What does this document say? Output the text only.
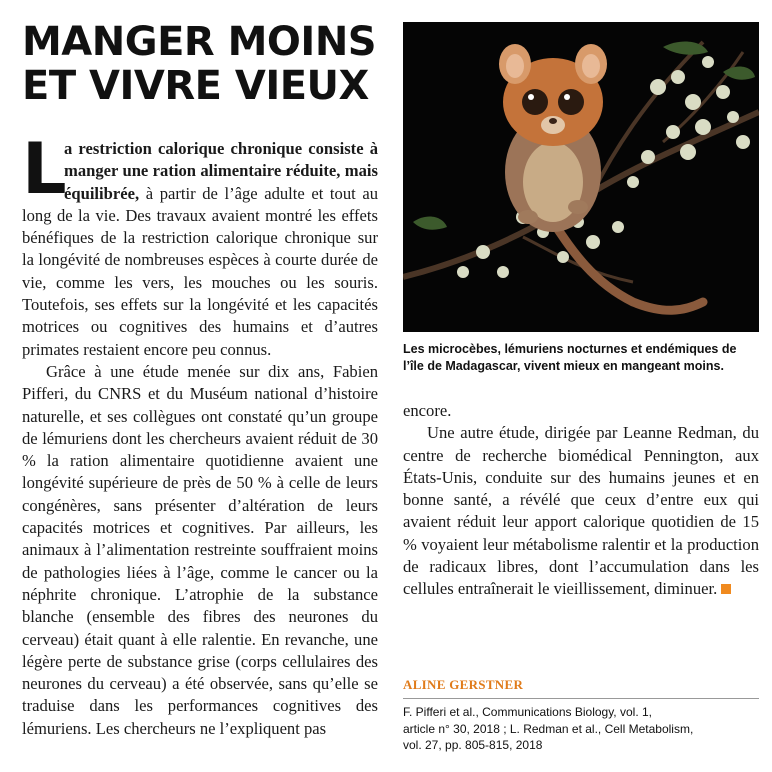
MANGER MOINS
ET VIVRE VIEUX
L

a restriction calorique chronique consiste à manger une ration alimentaire réduite, mais équilibrée, à partir de l’âge adulte et tout au long de la vie. Des travaux avaient montré les effets bénéfiques de la restriction calorique chronique sur la longévité de nombreuses espèces à courte durée de vie, comme les vers, les mouches ou les souris. Toutefois, ses effets sur la longévité et les capacités motrices ou cognitives des humains et d’autres primates restaient encore peu connus.

Grâce à une étude menée sur dix ans, Fabien Pifferi, du CNRS et du Muséum national d’histoire naturelle, et ses collègues ont constaté qu’un groupe de lémuriens dont les chercheurs avaient réduit de 30 % la ration alimentaire quotidienne avaient une longévité supérieure de près de 50 % à celle de leurs congénères, sans présenter d’altération de leurs capacités motrices et cognitives. Par ailleurs, les animaux à l’alimentation restreinte souffraient moins de pathologies liées à l’âge, comme le cancer ou la néphrite chronique. L’atrophie de la substance blanche (ensemble des fibres des neurones du cerveau) était quant à elle ralentie. En revanche, une légère perte de substance grise (corps cellulaires des neurones du cerveau) a été observée, sans qu’elle se traduise dans les performances cognitives des lémuriens. Les chercheurs ne l’expliquent pas

Les microcèbes, lémuriens nocturnes et endémiques de l’île de Madagascar, vivent mieux en mangeant moins.

encore.

Une autre étude, dirigée par Leanne Redman, du centre de recherche biomédical Pennington, aux États-Unis, conduite sur des humains jeunes et en bonne santé, a révélé que ceux d’entre eux qui avaient réduit leur apport calorique quotidien de 15 % voyaient leur métabolisme ralentir et la production de radicaux libres, dont l’accumulation dans les cellules entraînerait le vieillissement, diminuer.

ALINE GERSTNER
F. Pifferi et al., Communications Biology, vol. 1,
article n° 30, 2018 ; L. Redman et al., Cell Metabolism,
vol. 27, pp. 805-815, 2018
